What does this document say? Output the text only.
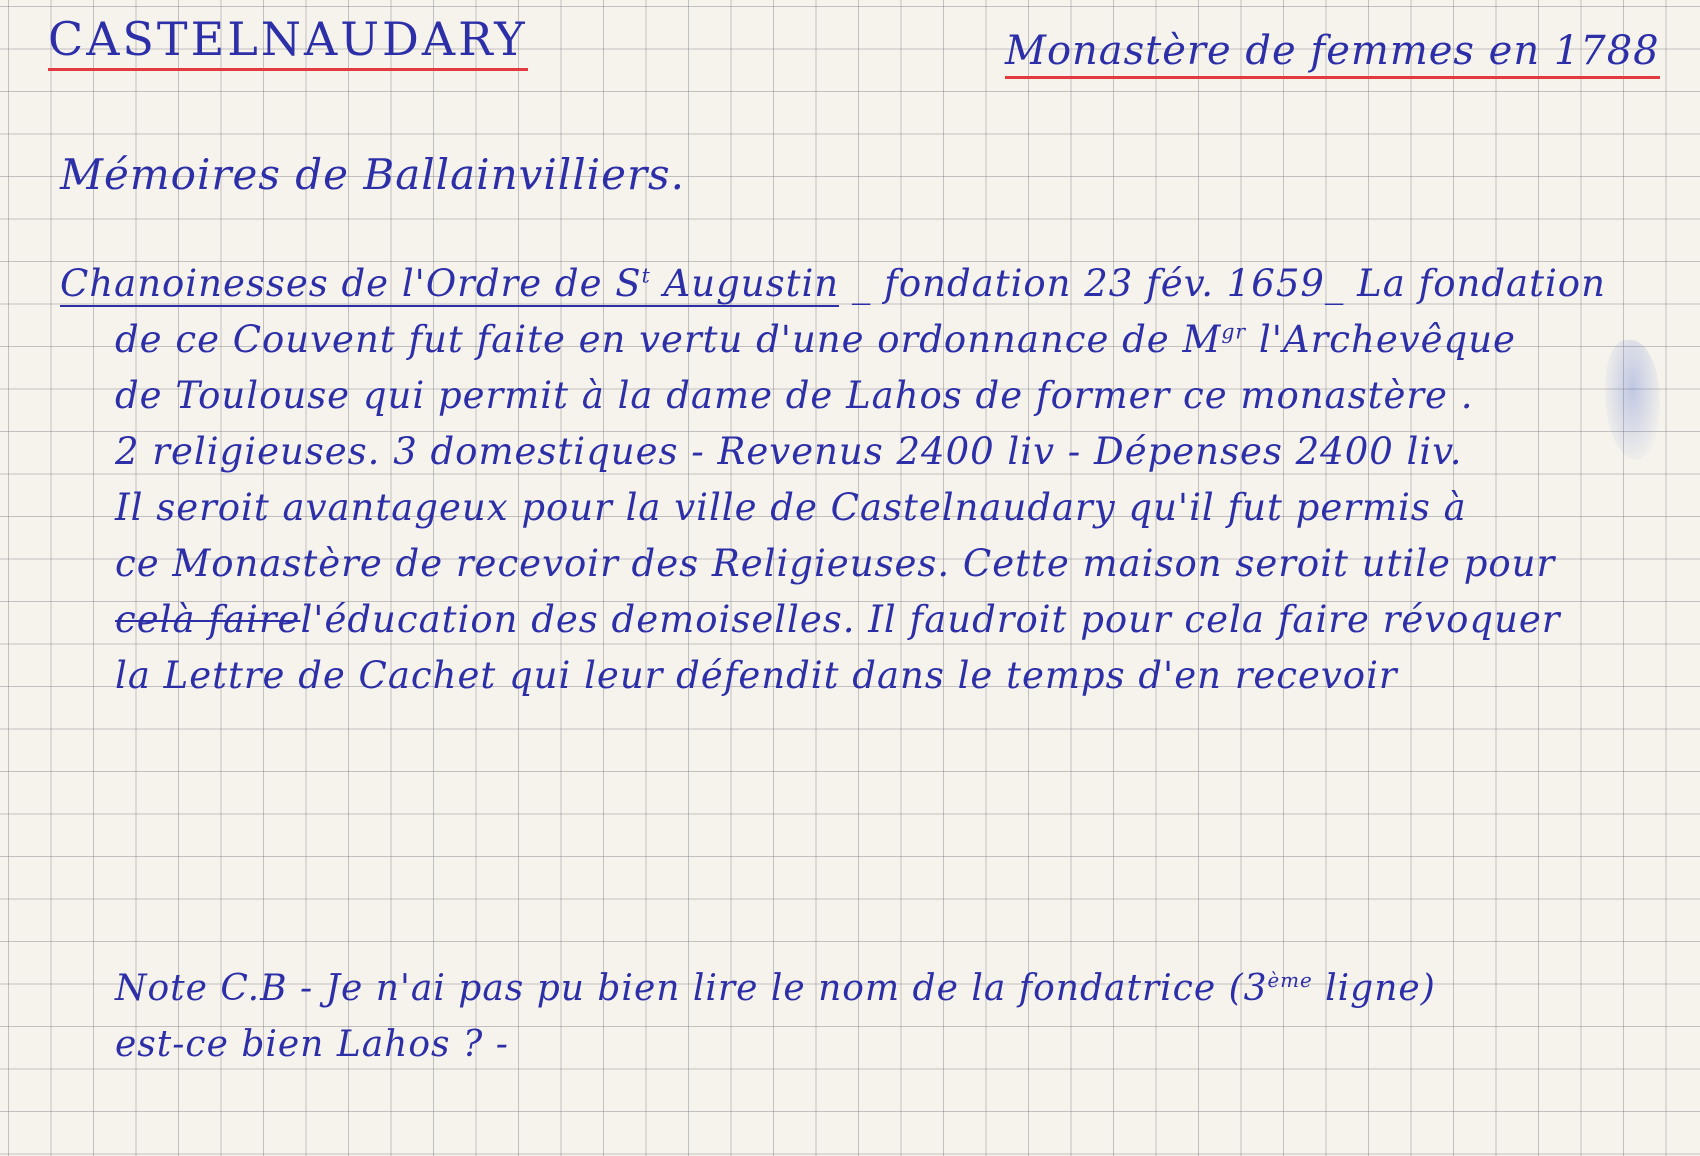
CASTELNAUDARY	Monastère de femmes en 1788
Mémoires de Ballainvilliers.
Chanoinesses de l'Ordre de $S^t$ Augustin _ fondation 23 fév. 1659_ La fondation
de ce Couvent fut faite en vertu d'une ordonnance de $M^{gr}$ l'Archevêque
de Toulouse qui permit à la dame de Lahos de former ce monastère .
2 religieuses. 3 domestiques - Revenus 2400 liv - Dépenses 2400 liv.
Il seroit avantageux pour la ville de Castelnaudary qu'il fut permis à
ce Monastère de recevoir des Religieuses. Cette maison seroit utile pour
celà fairel'éducation des demoiselles. Il faudroit pour cela faire révoquer
la Lettre de Cachet qui leur défendit dans le temps d'en recevoir
Note C.B - Je n'ai pas pu bien lire le nom de la fondatrice (3ème ligne)
est-ce bien Lahos ? -
